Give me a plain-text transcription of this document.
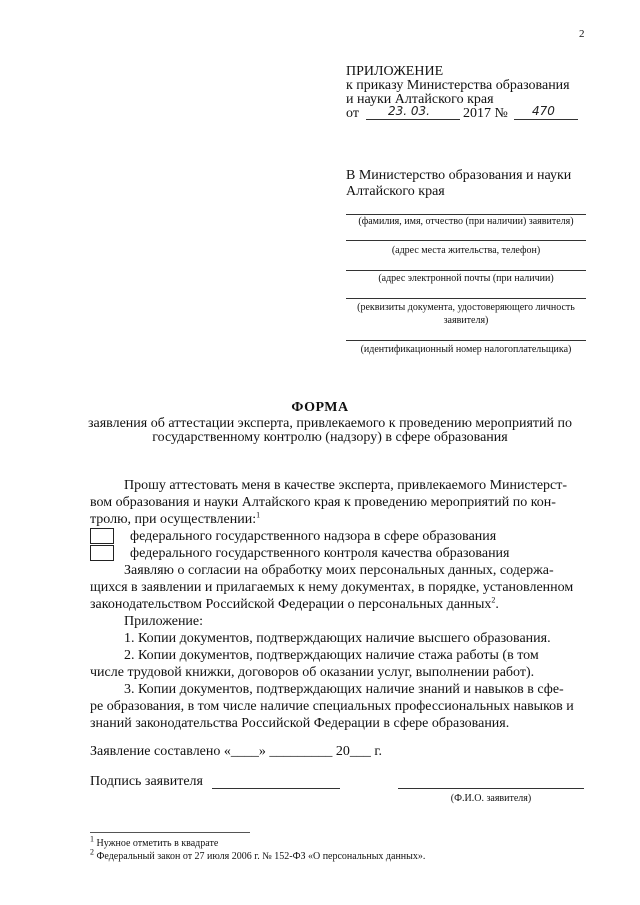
2
ПРИЛОЖЕНИЕ
к приказу Министерства образования
и науки Алтайского края
от 23. 03. 2017 № 470
В Министерство образования и науки
Алтайского края
(фамилия, имя, отчество (при наличии) заявителя)
(адрес места жительства, телефон)
(адрес электронной почты (при наличии)
(реквизиты документа, удостоверяющего личность
заявителя)
(идентификационный номер налогоплательщика)
ФОРМА
заявления об аттестации эксперта, привлекаемого к проведению мероприятий по
государственному контролю (надзору) в сфере образования
Прошу аттестовать меня в качестве эксперта, привлекаемого Министерст-
вом образования и науки Алтайского края к проведению мероприятий по кон-
тролю, при осуществлении:$^1$
федерального государственного надзора в сфере образования
федерального государственного контроля качества образования
Заявляю о согласии на обработку моих персональных данных, содержа-
щихся в заявлении и прилагаемых к нему документах, в порядке, установленном
законодательством Российской Федерации о персональных данных$^2$.
Приложение:
1. Копии документов, подтверждающих наличие высшего образования.
2. Копии документов, подтверждающих наличие стажа работы (в том
числе трудовой книжки, договоров об оказании услуг, выполнении работ).
3. Копии документов, подтверждающих наличие знаний и навыков в сфе-
ре образования, в том числе наличие специальных профессиональных навыков и
знаний законодательства Российской Федерации в сфере образования.
Заявление составлено «____» _________ 20___ г.
Подпись заявителя
(Ф.И.О. заявителя)
$^1$ Нужное отметить в квадрате
$^2$ Федеральный закон от 27 июля 2006 г. № 152-ФЗ «О персональных данных».
